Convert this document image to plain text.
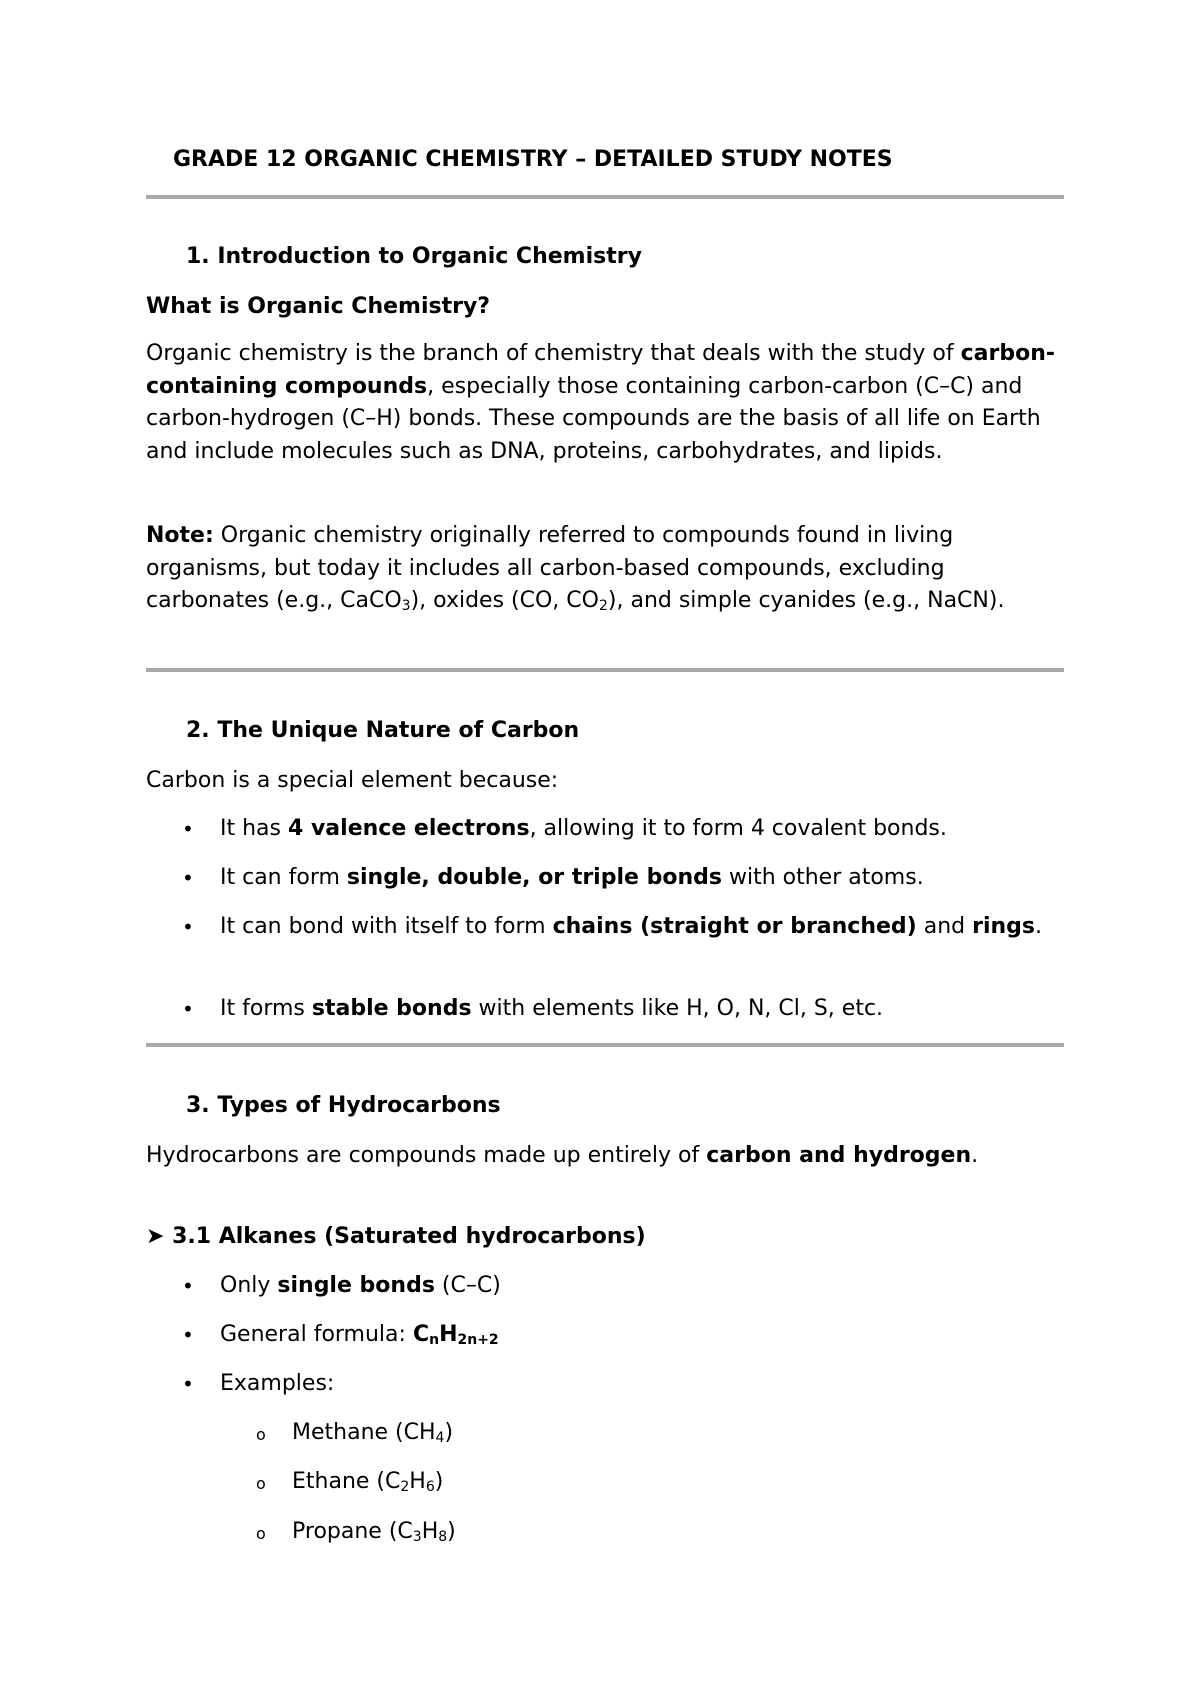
GRADE 12 ORGANIC CHEMISTRY – DETAILED STUDY NOTES
1. Introduction to Organic Chemistry
What is Organic Chemistry?
Organic chemistry is the branch of chemistry that deals with the study of carbon-containing compounds, especially those containing carbon-carbon (C–C) and carbon-hydrogen (C–H) bonds. These compounds are the basis of all life on Earth and include molecules such as DNA, proteins, carbohydrates, and lipids.
Note: Organic chemistry originally referred to compounds found in living organisms, but today it includes all carbon-based compounds, excluding carbonates (e.g., CaCO$_3$), oxides (CO, $CO_2$), and simple cyanides (e.g., NaCN).
2. The Unique Nature of Carbon
Carbon is a special element because:
•	It has 4 valence electrons, allowing it to form 4 covalent bonds.
•	It can form single, double, or triple bonds with other atoms.
•	It can bond with itself to form chains (straight or branched) and rings.
•	It forms stable bonds with elements like H, O, N, Cl, S, etc.
3. Types of Hydrocarbons
Hydrocarbons are compounds made up entirely of carbon and hydrogen.
➤ 3.1 Alkanes (Saturated hydrocarbons)
•	Only single bonds (C–C)
•	General formula: $C_nH_{2n+2}$
•	Examples:
o Methane $(CH_4)$
o Ethane $(C_2H_6)$
o Propane $(C_3H_8)$
